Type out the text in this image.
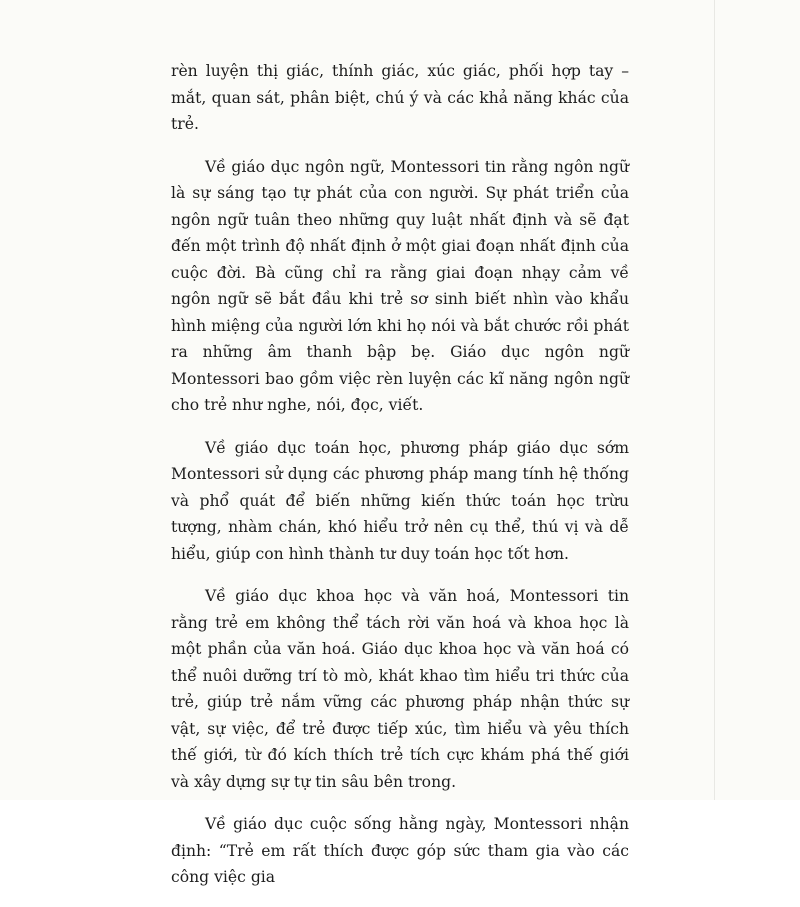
rèn luyện thị giác, thính giác, xúc giác, phối hợp tay – mắt, quan sát, phân biệt, chú ý và các khả năng khác của trẻ.

Về giáo dục ngôn ngữ, Montessori tin rằng ngôn ngữ là sự sáng tạo tự phát của con người. Sự phát triển của ngôn ngữ tuân theo những quy luật nhất định và sẽ đạt đến một trình độ nhất định ở một giai đoạn nhất định của cuộc đời. Bà cũng chỉ ra rằng giai đoạn nhạy cảm về ngôn ngữ sẽ bắt đầu khi trẻ sơ sinh biết nhìn vào khẩu hình miệng của người lớn khi họ nói và bắt chước rồi phát ra những âm thanh bập bẹ. Giáo dục ngôn ngữ Montessori bao gồm việc rèn luyện các kĩ năng ngôn ngữ cho trẻ như nghe, nói, đọc, viết.

Về giáo dục toán học, phương pháp giáo dục sớm Montessori sử dụng các phương pháp mang tính hệ thống và phổ quát để biến những kiến thức toán học trừu tượng, nhàm chán, khó hiểu trở nên cụ thể, thú vị và dễ hiểu, giúp con hình thành tư duy toán học tốt hơn.

Về giáo dục khoa học và văn hoá, Montessori tin rằng trẻ em không thể tách rời văn hoá và khoa học là một phần của văn hoá. Giáo dục khoa học và văn hoá có thể nuôi dưỡng trí tò mò, khát khao tìm hiểu tri thức của trẻ, giúp trẻ nắm vững các phương pháp nhận thức sự vật, sự việc, để trẻ được tiếp xúc, tìm hiểu và yêu thích thế giới, từ đó kích thích trẻ tích cực khám phá thế giới và xây dựng sự tự tin sâu bên trong.

Về giáo dục cuộc sống hằng ngày, Montessori nhận định: “Trẻ em rất thích được góp sức tham gia vào các công việc gia
